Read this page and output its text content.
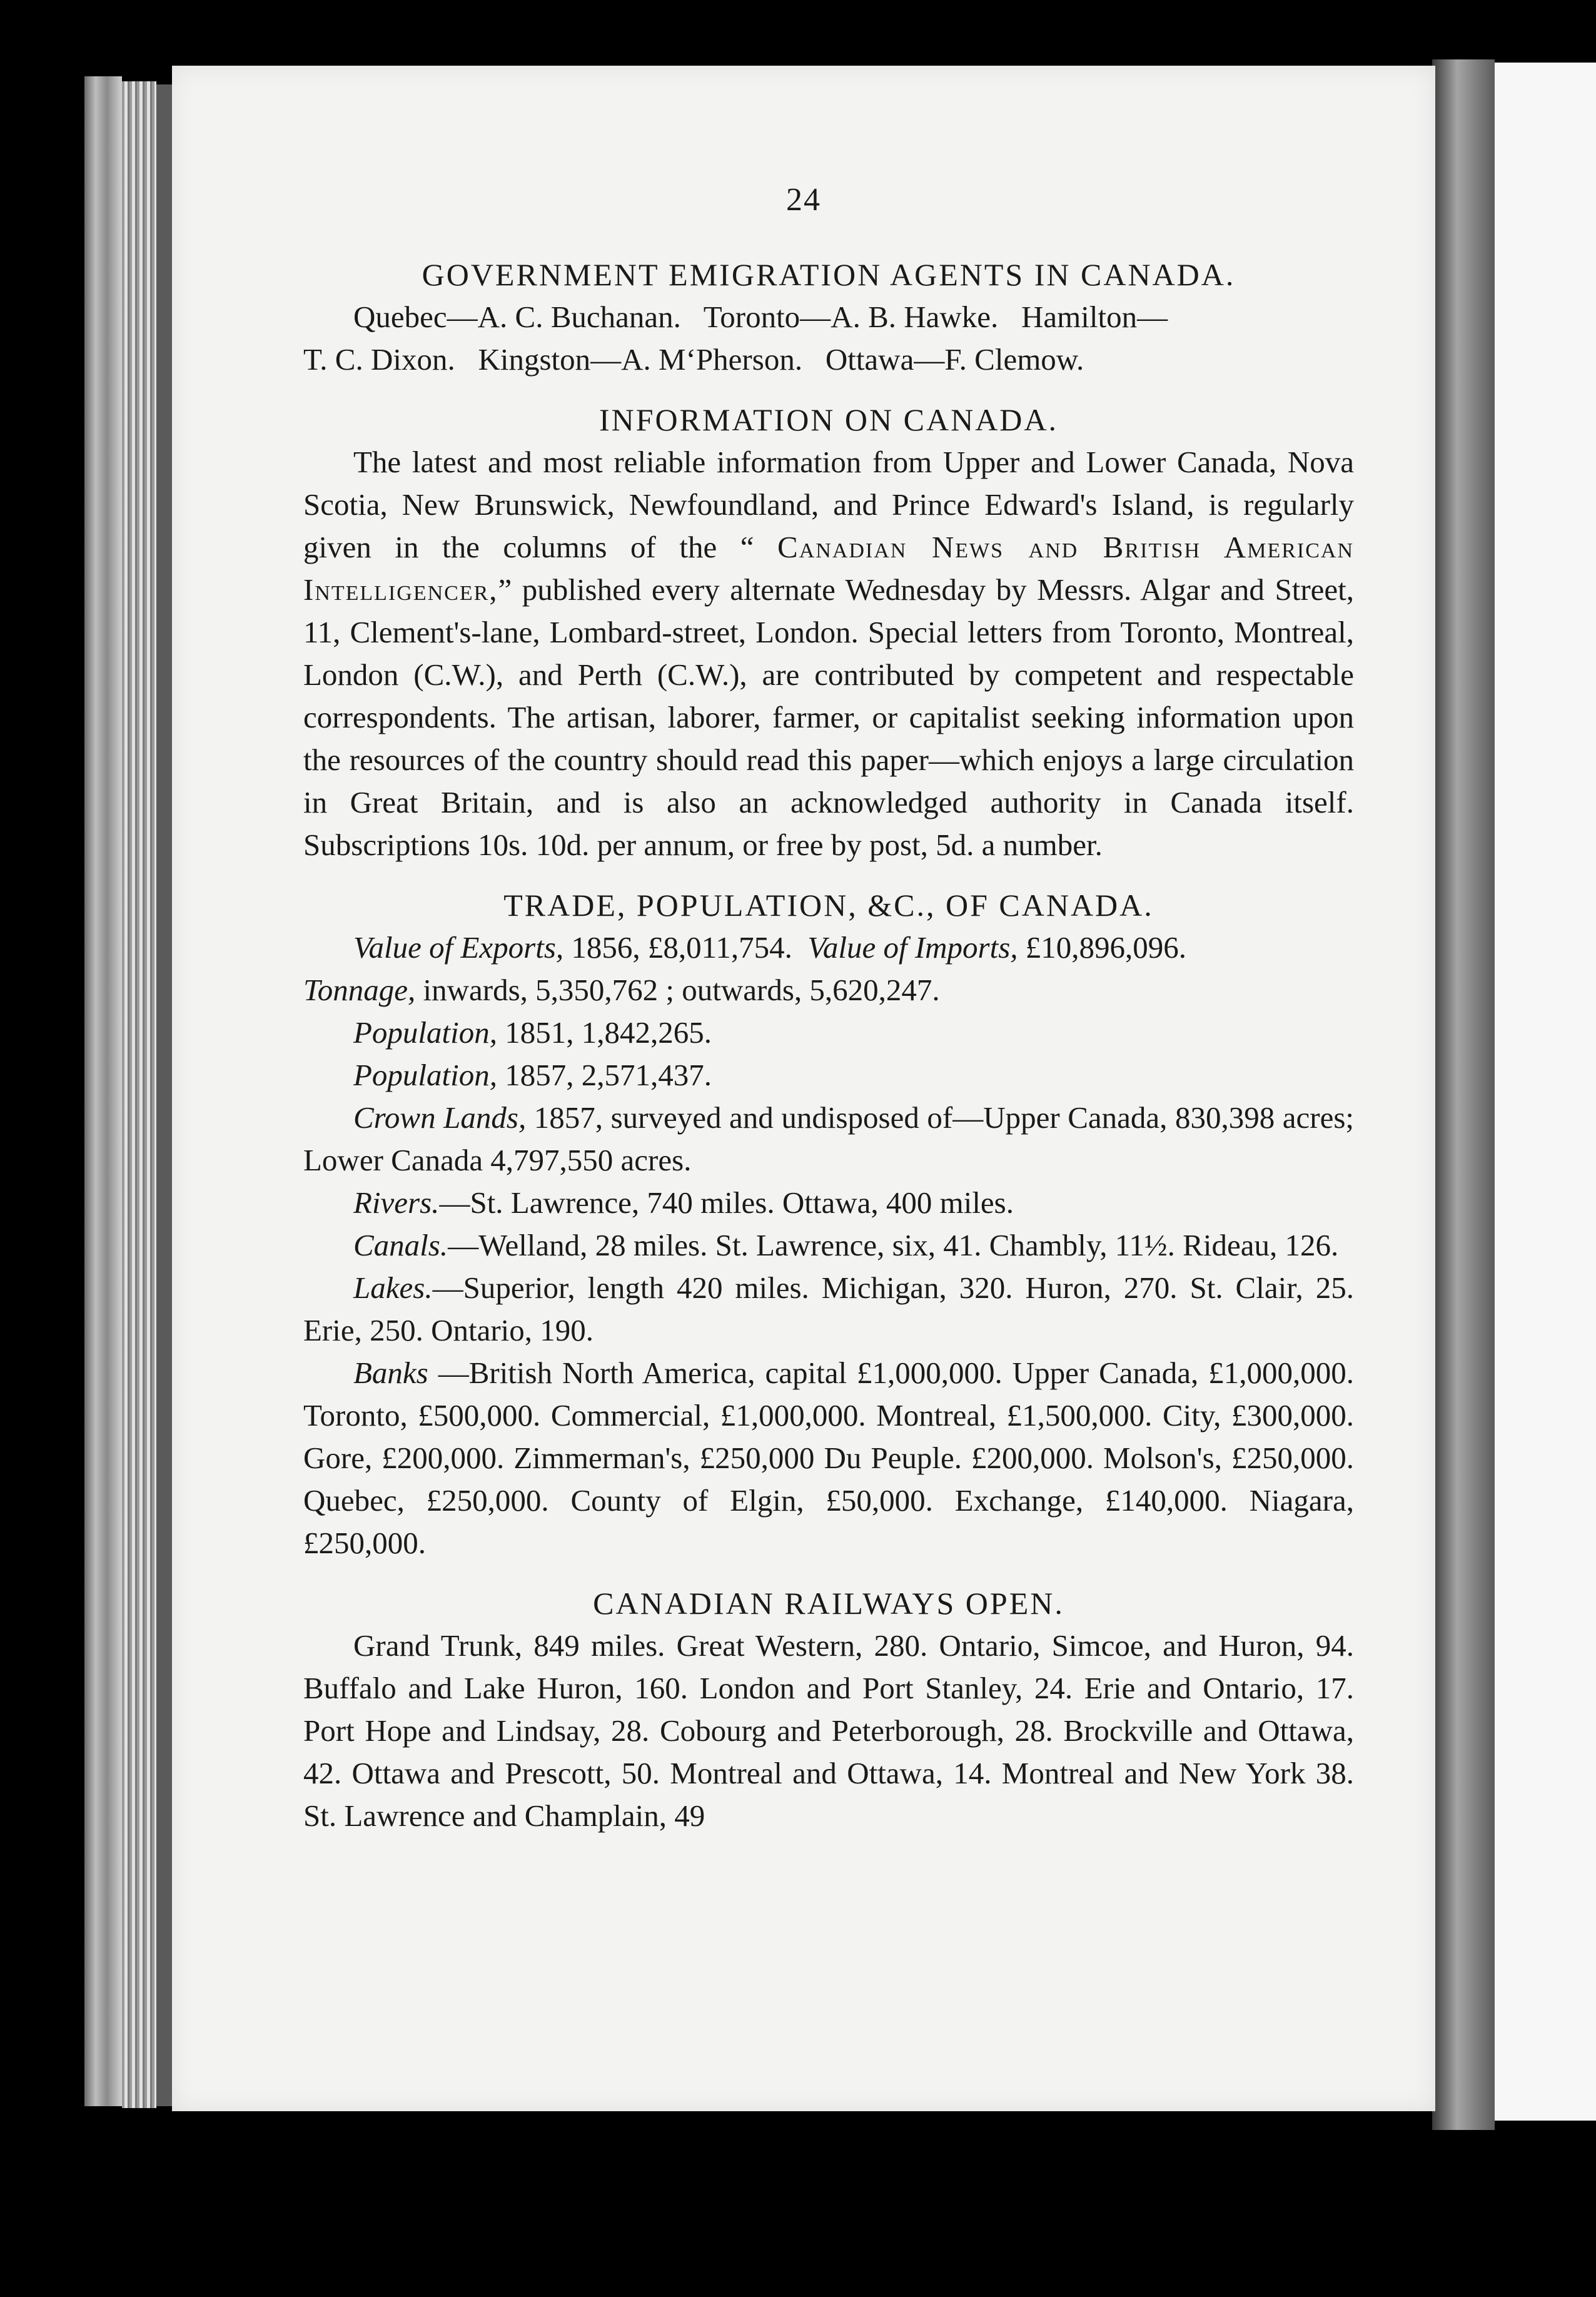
24
GOVERNMENT EMIGRATION AGENTS IN CANADA.

Quebec—A. C. Buchanan.   Toronto—A. B. Hawke.   Hamilton—

T. C. Dixon.   Kingston—A. M‘Pherson.   Ottawa—F. Clemow.

INFORMATION ON CANADA.

The latest and most reliable information from Upper and Lower Canada, Nova Scotia, New Brunswick, Newfoundland, and Prince Edward's Island, is regularly given in the columns of the “ Canadian News and British American Intelligencer,” published every alternate Wednesday by Messrs. Algar and Street, 11, Clement's-lane, Lombard-street, London. Special letters from Toronto, Montreal, London (C.W.), and Perth (C.W.), are contributed by competent and respectable correspondents. The artisan, laborer, farmer, or capitalist seeking information upon the resources of the country should read this paper—which enjoys a large circulation in Great Britain, and is also an acknowledged authority in Canada itself. Subscriptions 10s. 10d. per annum, or free by post, 5d. a number.

TRADE, POPULATION, &C., OF CANADA.

Value of Exports, 1856, £8,011,754.  Value of Imports, £10,896,096.
Tonnage, inwards, 5,350,762 ; outwards, 5,620,247.

Population, 1851, 1,842,265.

Population, 1857, 2,571,437.

Crown Lands, 1857, surveyed and undisposed of—Upper Canada, 830,398 acres; Lower Canada 4,797,550 acres.

Rivers.—St. Lawrence, 740 miles. Ottawa, 400 miles.

Canals.—Welland, 28 miles. St. Lawrence, six, 41. Chambly, 11½. Rideau, 126.

Lakes.—Superior, length 420 miles. Michigan, 320. Huron, 270. St. Clair, 25. Erie, 250. Ontario, 190.

Banks —British North America, capital £1,000,000. Upper Canada, £1,000,000. Toronto, £500,000. Commercial, £1,000,000. Montreal, £1,500,000. City, £300,000. Gore, £200,000. Zimmerman's, £250,000 Du Peuple. £200,000. Molson's, £250,000. Quebec, £250,000. County of Elgin, £50,000. Exchange, £140,000. Niagara, £250,000.

CANADIAN RAILWAYS OPEN.

Grand Trunk, 849 miles. Great Western, 280. Ontario, Simcoe, and Huron, 94. Buffalo and Lake Huron, 160. London and Port Stanley, 24. Erie and Ontario, 17. Port Hope and Lindsay, 28. Cobourg and Peterborough, 28. Brockville and Ottawa, 42. Ottawa and Prescott, 50. Montreal and Ottawa, 14. Montreal and New York 38. St. Lawrence and Champlain, 49
